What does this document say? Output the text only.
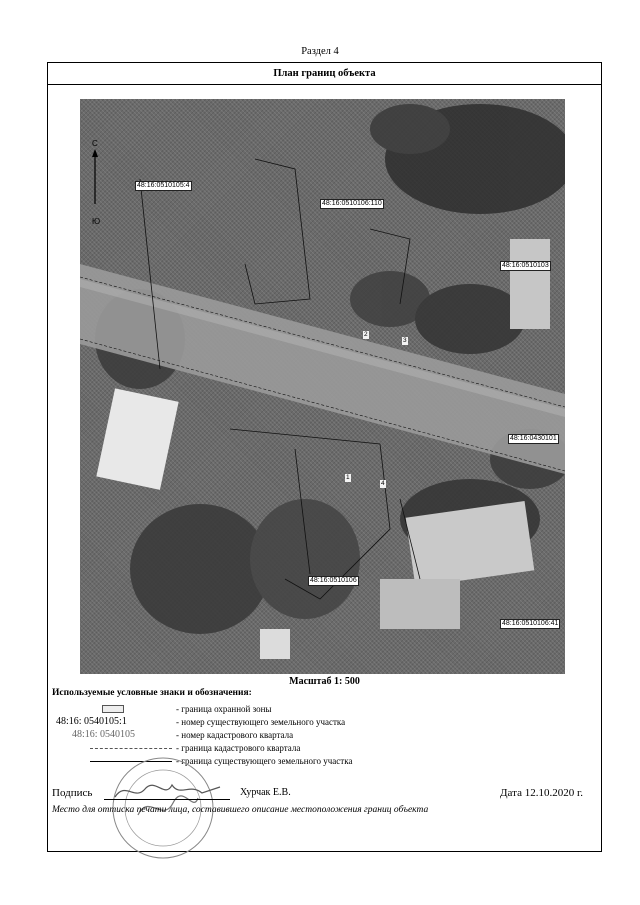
Раздел 4
План границ объекта
С
Ю
48:16:0510105:4
48:16:0510106:110
48:16:0510103
48:16:0430101
48:16:0510106
48:16:0510106:41
2
3
1
4
Масштаб 1: 500
Используемые условные знаки и обозначения:
- граница охранной зоны
48:16: 0540105:1	- номер существующего земельного участка
48:16: 0540105	- номер кадастрового квартала
- граница кадастрового квартала
- граница существующего земельного участка
Подпись	Хурчак Е.В.	Дата 12.10.2020 г.
Место для оттиска печати лица, составившего описание местоположения границ объекта
